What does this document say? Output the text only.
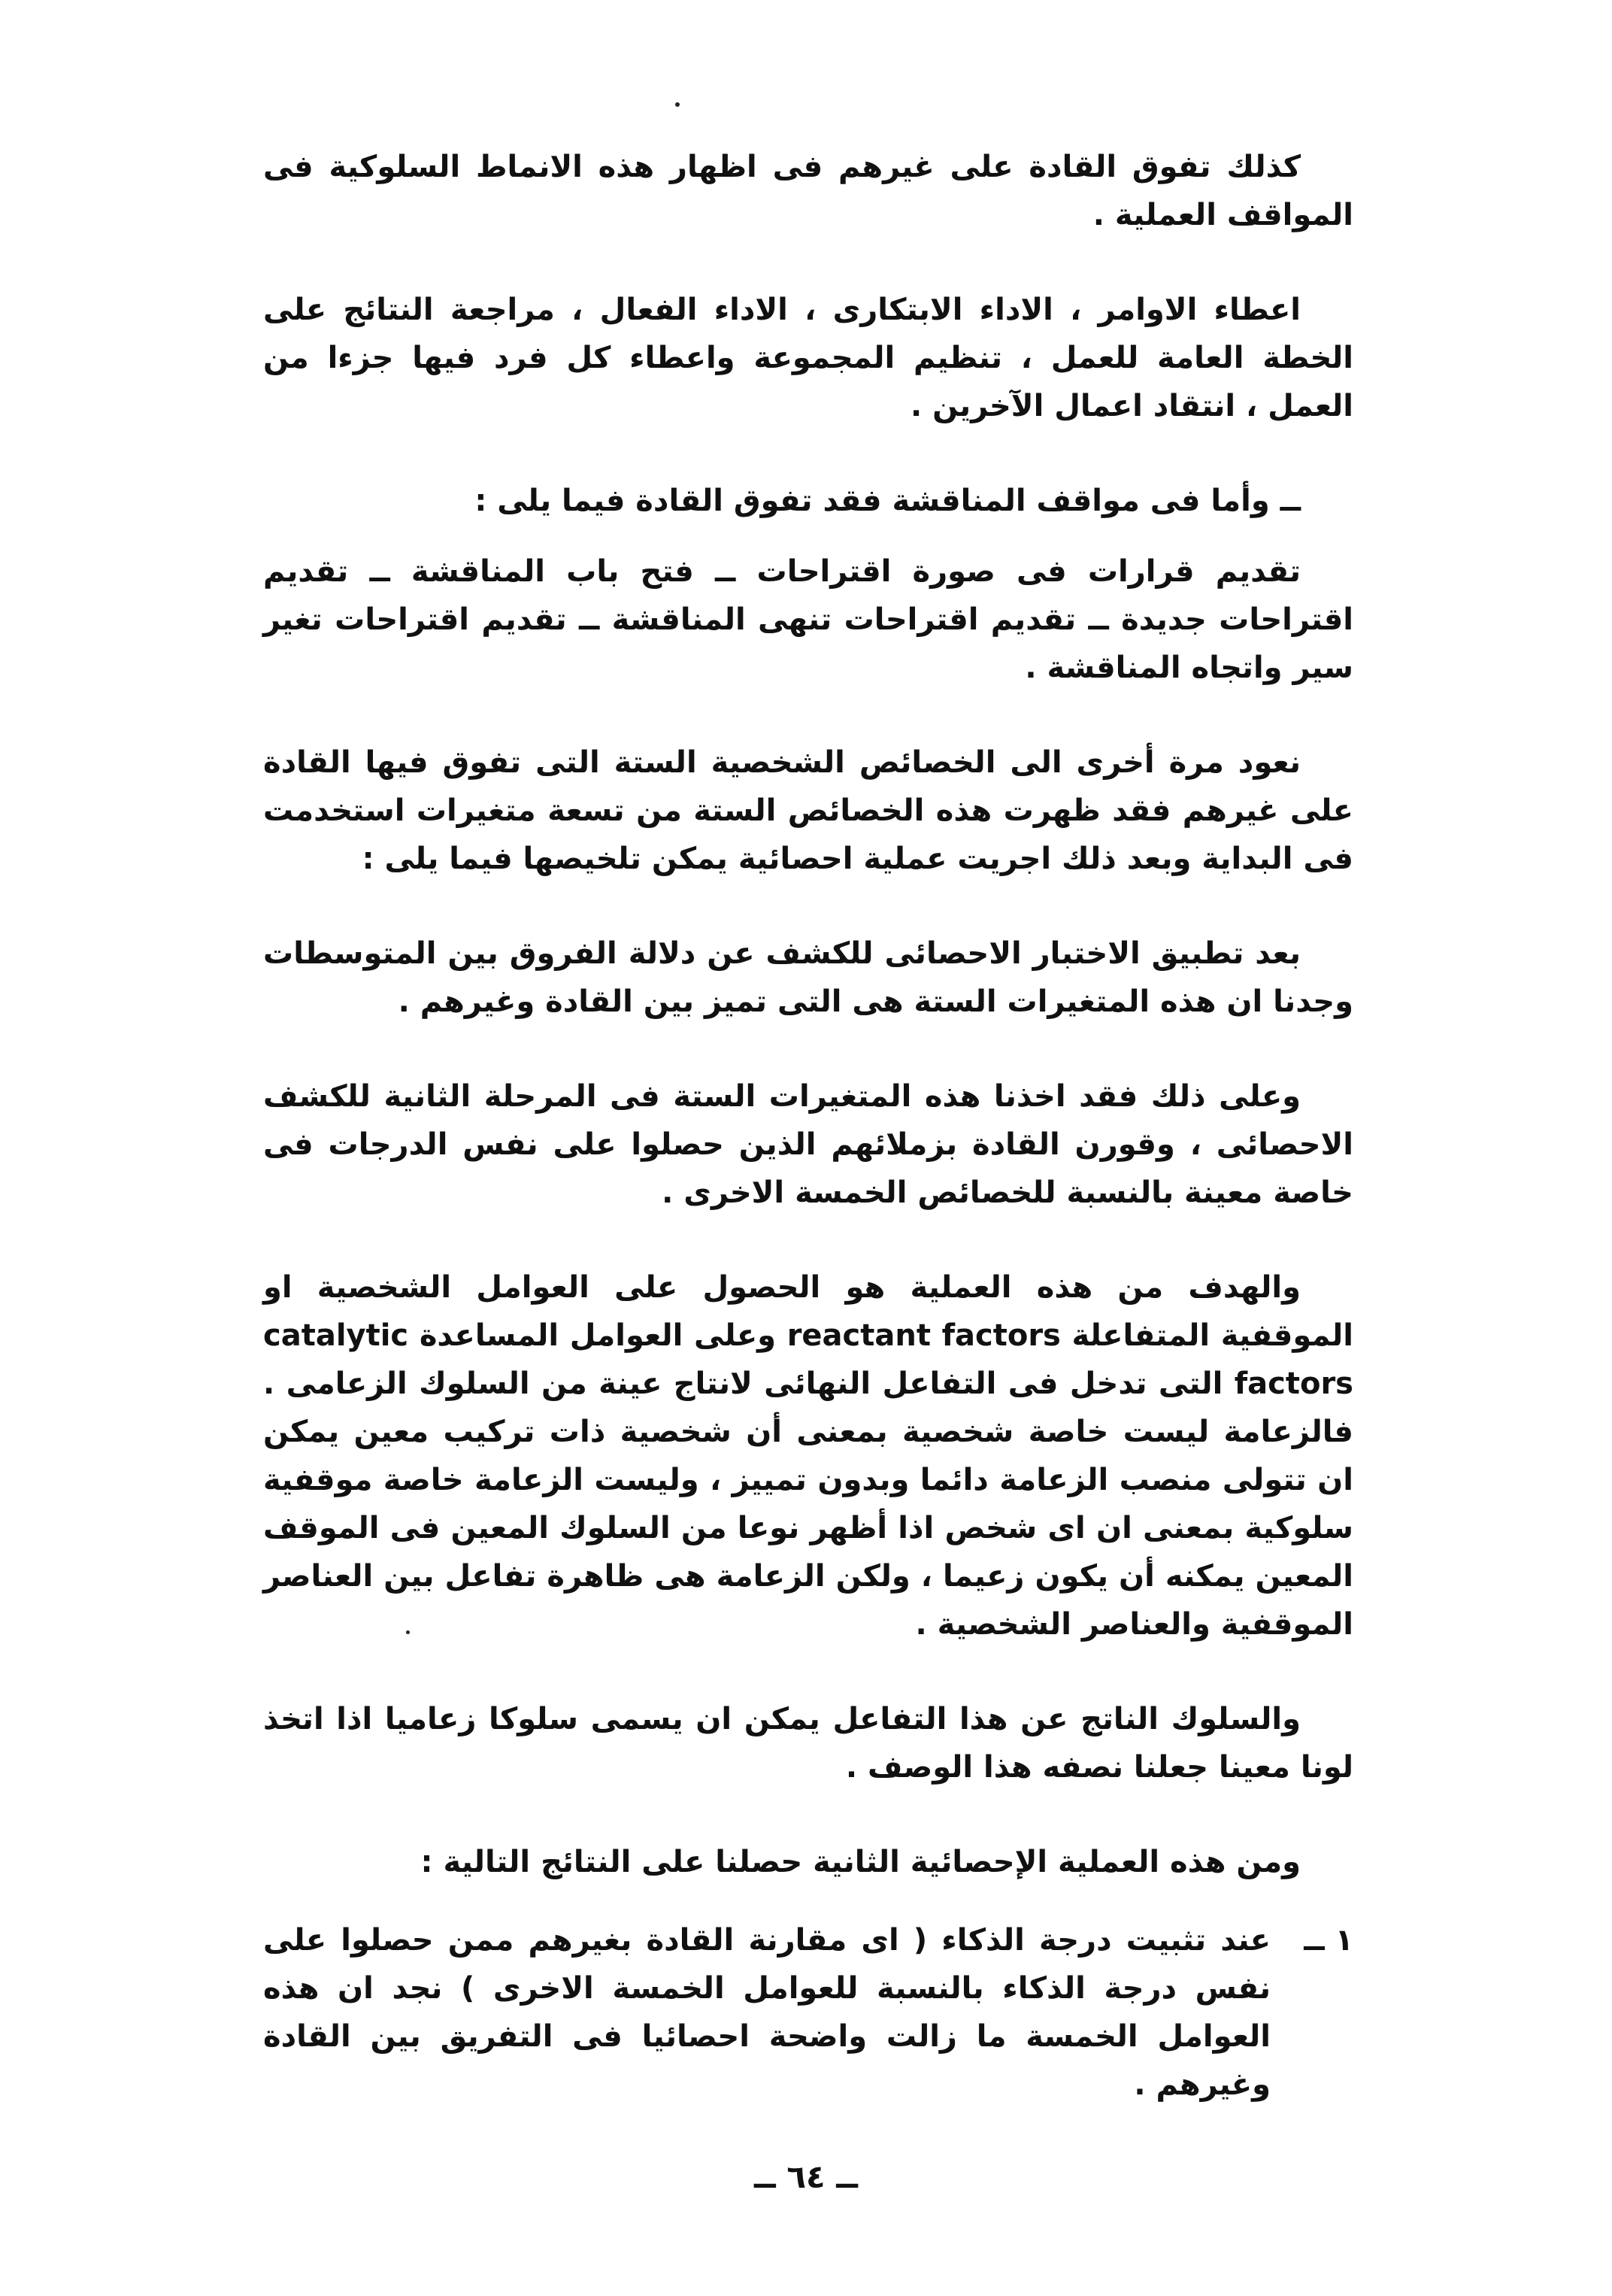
كذلك تفوق القادة على غيرهم فى اظهار هذه الانماط السلوكية فى المواقف العملية .

اعطاء الاوامر ، الاداء الابتكارى ، الاداء الفعال ، مراجعة النتائج على الخطة العامة للعمل ، تنظيم المجموعة واعطاء كل فرد فيها جزءا من العمل ، انتقاد اعمال الآخرين .

ــ وأما فى مواقف المناقشة فقد تفوق القادة فيما يلى :

تقديم قرارات فى صورة اقتراحات ــ فتح باب المناقشة ــ تقديم اقتراحات جديدة ــ تقديم اقتراحات تنهى المناقشة ــ تقديم اقتراحات تغير سير واتجاه المناقشة .

نعود مرة أخرى الى الخصائص الشخصية الستة التى تفوق فيها القادة على غيرهم فقد ظهرت هذه الخصائص الستة من تسعة متغيرات استخدمت فى البداية وبعد ذلك اجريت عملية احصائية يمكن تلخيصها فيما يلى :

بعد تطبيق الاختبار الاحصائى للكشف عن دلالة الفروق بين المتوسطات وجدنا ان هذه المتغيرات الستة هى التى تميز بين القادة وغيرهم .

وعلى ذلك فقد اخذنا هذه المتغيرات الستة فى المرحلة الثانية للكشف الاحصائى ، وقورن القادة بزملائهم الذين حصلوا على نفس الدرجات فى خاصة معينة بالنسبة للخصائص الخمسة الاخرى .

والهدف من هذه العملية هو الحصول على العوامل الشخصية او الموقفية المتفاعلة reactant factors وعلى العوامل المساعدة catalytic factors التى تدخل فى التفاعل النهائى لانتاج عينة من السلوك الزعامى . فالزعامة ليست خاصة شخصية بمعنى أن شخصية ذات تركيب معين يمكن ان تتولى منصب الزعامة دائما وبدون تمييز ، وليست الزعامة خاصة موقفية سلوكية بمعنى ان اى شخص اذا أظهر نوعا من السلوك المعين فى الموقف المعين يمكنه أن يكون زعيما ، ولكن الزعامة هى ظاهرة تفاعل بين العناصر الموقفية والعناصر الشخصية .

والسلوك الناتج عن هذا التفاعل يمكن ان يسمى سلوكا زعاميا اذا اتخذ لونا معينا جعلنا نصفه هذا الوصف .

ومن هذه العملية الإحصائية الثانية حصلنا على النتائج التالية :

١ ــ
عند تثبيت درجة الذكاء ( اى مقارنة القادة بغيرهم ممن حصلوا على نفس درجة الذكاء بالنسبة للعوامل الخمسة الاخرى ) نجد ان هذه العوامل الخمسة ما زالت واضحة احصائيا فى التفريق بين القادة وغيرهم .
ــ ٦٤ ــ
